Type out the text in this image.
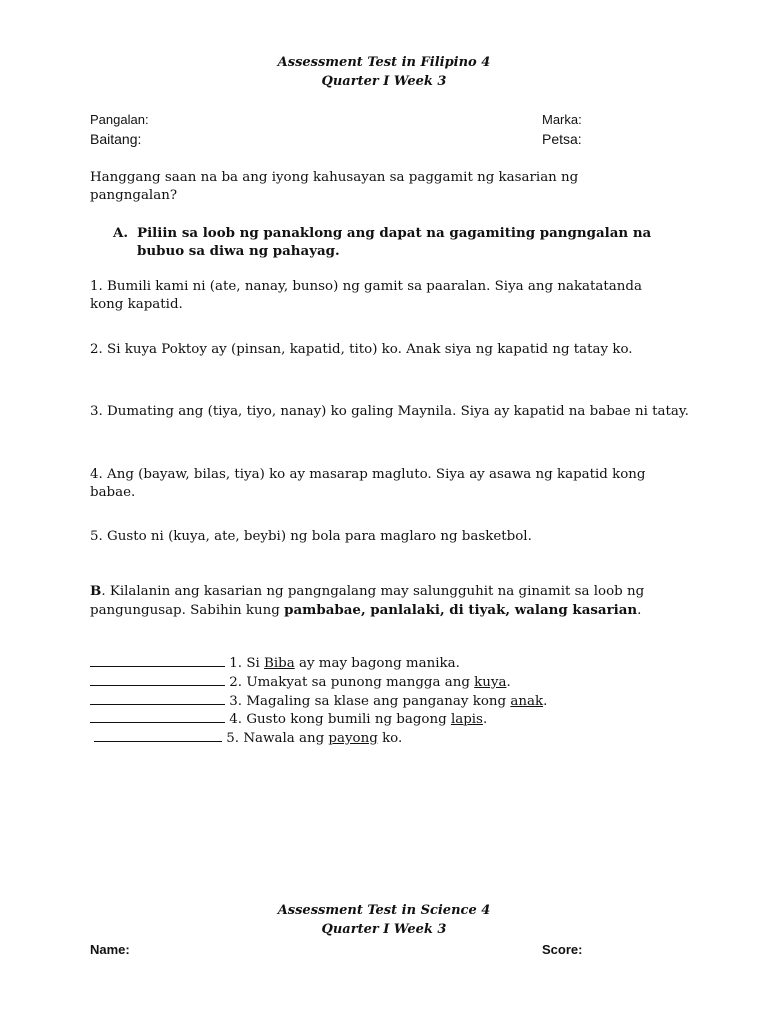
Assessment Test in Filipino 4
Quarter I Week 3
Pangalan:	Marka:
Baitang:	Petsa:
Hanggang saan na ba ang iyong kahusayan sa paggamit ng kasarian ng pangngalan?
A. Piliin sa loob ng panaklong ang dapat na gagamiting pangngalan na bubuo sa diwa ng pahayag.
1. Bumili kami ni (ate, nanay, bunso) ng gamit sa paaralan. Siya ang nakatatanda kong kapatid.
2. Si kuya Poktoy ay (pinsan, kapatid, tito) ko. Anak siya ng kapatid ng tatay ko.
3. Dumating ang (tiya, tiyo, nanay) ko galing Maynila. Siya ay kapatid na babae ni tatay.
4. Ang (bayaw, bilas, tiya) ko ay masarap magluto. Siya ay asawa ng kapatid kong babae.
5. Gusto ni (kuya, ate, beybi) ng bola para maglaro ng basketbol.
B. Kilalanin ang kasarian ng pangngalang may salungguhit na ginamit sa loob ng pangungusap. Sabihin kung pambabae, panlalaki, di tiyak, walang kasarian.
1. Si Biba ay may bagong manika.
2. Umakyat sa punong mangga ang kuya.
3. Magaling sa klase ang panganay kong anak.
4. Gusto kong bumili ng bagong lapis.
5. Nawala ang payong ko.
Assessment Test in Science 4
Quarter I Week 3
Name:	Score:
